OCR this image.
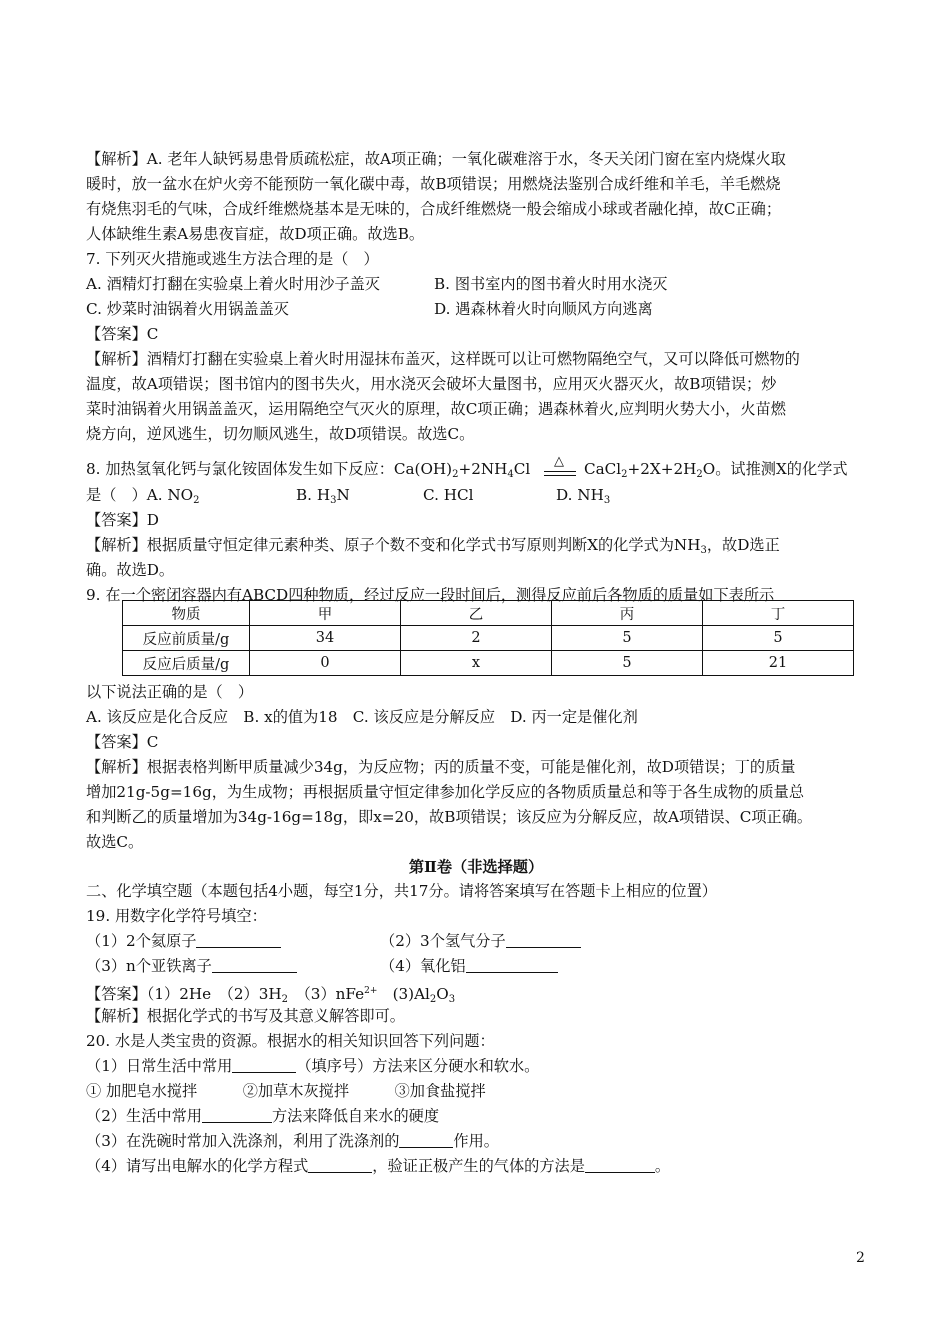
【解析】A. 老年人缺钙易患骨质疏松症，故A项正确；一氧化碳难溶于水，冬天关闭门窗在室内烧煤火取
暖时，放一盆水在炉火旁不能预防一氧化碳中毒，故B项错误；用燃烧法鉴别合成纤维和羊毛，羊毛燃烧
有烧焦羽毛的气味，合成纤维燃烧基本是无味的，合成纤维燃烧一般会缩成小球或者融化掉，故C正确；
人体缺维生素A易患夜盲症，故D项正确。故选B。
7. 下列灭火措施或逃生方法合理的是（　）
A. 酒精灯打翻在实验桌上着火时用沙子盖灭	B. 图书室内的图书着火时用水浇灭
C. 炒菜时油锅着火用锅盖盖灭	D. 遇森林着火时向顺风方向逃离
【答案】C
【解析】酒精灯打翻在实验桌上着火时用湿抹布盖灭，这样既可以让可燃物隔绝空气，又可以降低可燃物的
温度，故A项错误；图书馆内的图书失火，用水浇灭会破坏大量图书，应用灭火器灭火，故B项错误；炒
菜时油锅着火用锅盖盖灭，运用隔绝空气灭火的原理，故C项正确；遇森林着火,应判明火势大小，火苗燃
烧方向，逆风逃生，切勿顺风逃生，故D项错误。故选C。
△
8. 加热氢氧化钙与氯化铵固体发生如下反应：$Ca(OH)_2+2NH_4Cl$	$CaCl_2+2X+2H_2O$。试推测X的化学式
是（　）A. $NO_2$	B. $H_3N$	C. HCl	D. $NH_3$
【答案】D
【解析】根据质量守恒定律元素种类、原子个数不变和化学式书写原则判断X的化学式为$NH_3$，故D选正
确。故选D。
9. 在一个密闭容器内有ABCD四种物质，经过反应一段时间后，测得反应前后各物质的质量如下表所示
物质	甲	乙	丙	丁
反应前质量/g	34	2	5	5
反应后质量/g	0	x	5	21
以下说法正确的是（　）
A. 该反应是化合反应　B. x的值为18　C. 该反应是分解反应　D. 丙一定是催化剂
【答案】C
【解析】根据表格判断甲质量减少34g，为反应物；丙的质量不变，可能是催化剂，故D项错误；丁的质量
增加21g-5g=16g，为生成物；再根据质量守恒定律参加化学反应的各物质质量总和等于各生成物的质量总
和判断乙的质量增加为34g-16g=18g，即x=20，故B项错误；该反应为分解反应，故A项错误、C项正确。
故选C。
第Ⅱ卷（非选择题）
二、化学填空题（本题包括4小题，每空1分，共17分。请将答案填写在答题卡上相应的位置）
19. 用数字化学符号填空：
（1）2个氦原子	（2）3个氢气分子
（3）n个亚铁离子	（4）氧化铝
【答案】（1）2He　$(2)3H_2$　（3）nFe$^{2+}$　$(3)Al_2O_3$
【解析】根据化学式的书写及其意义解答即可。
20. 水是人类宝贵的资源。根据水的相关知识回答下列问题：
（1）日常生活中常用	（填序号）方法来区分硬水和软水。
① 加肥皂水搅拌　　　②加草木灰搅拌　　　③加食盐搅拌
（2）生活中常用	方法来降低自来水的硬度
（3）在洗碗时常加入洗涤剂，利用了洗涤剂的	作用。
（4）请写出电解水的化学方程式	，验证正极产生的气体的方法是	。
2
